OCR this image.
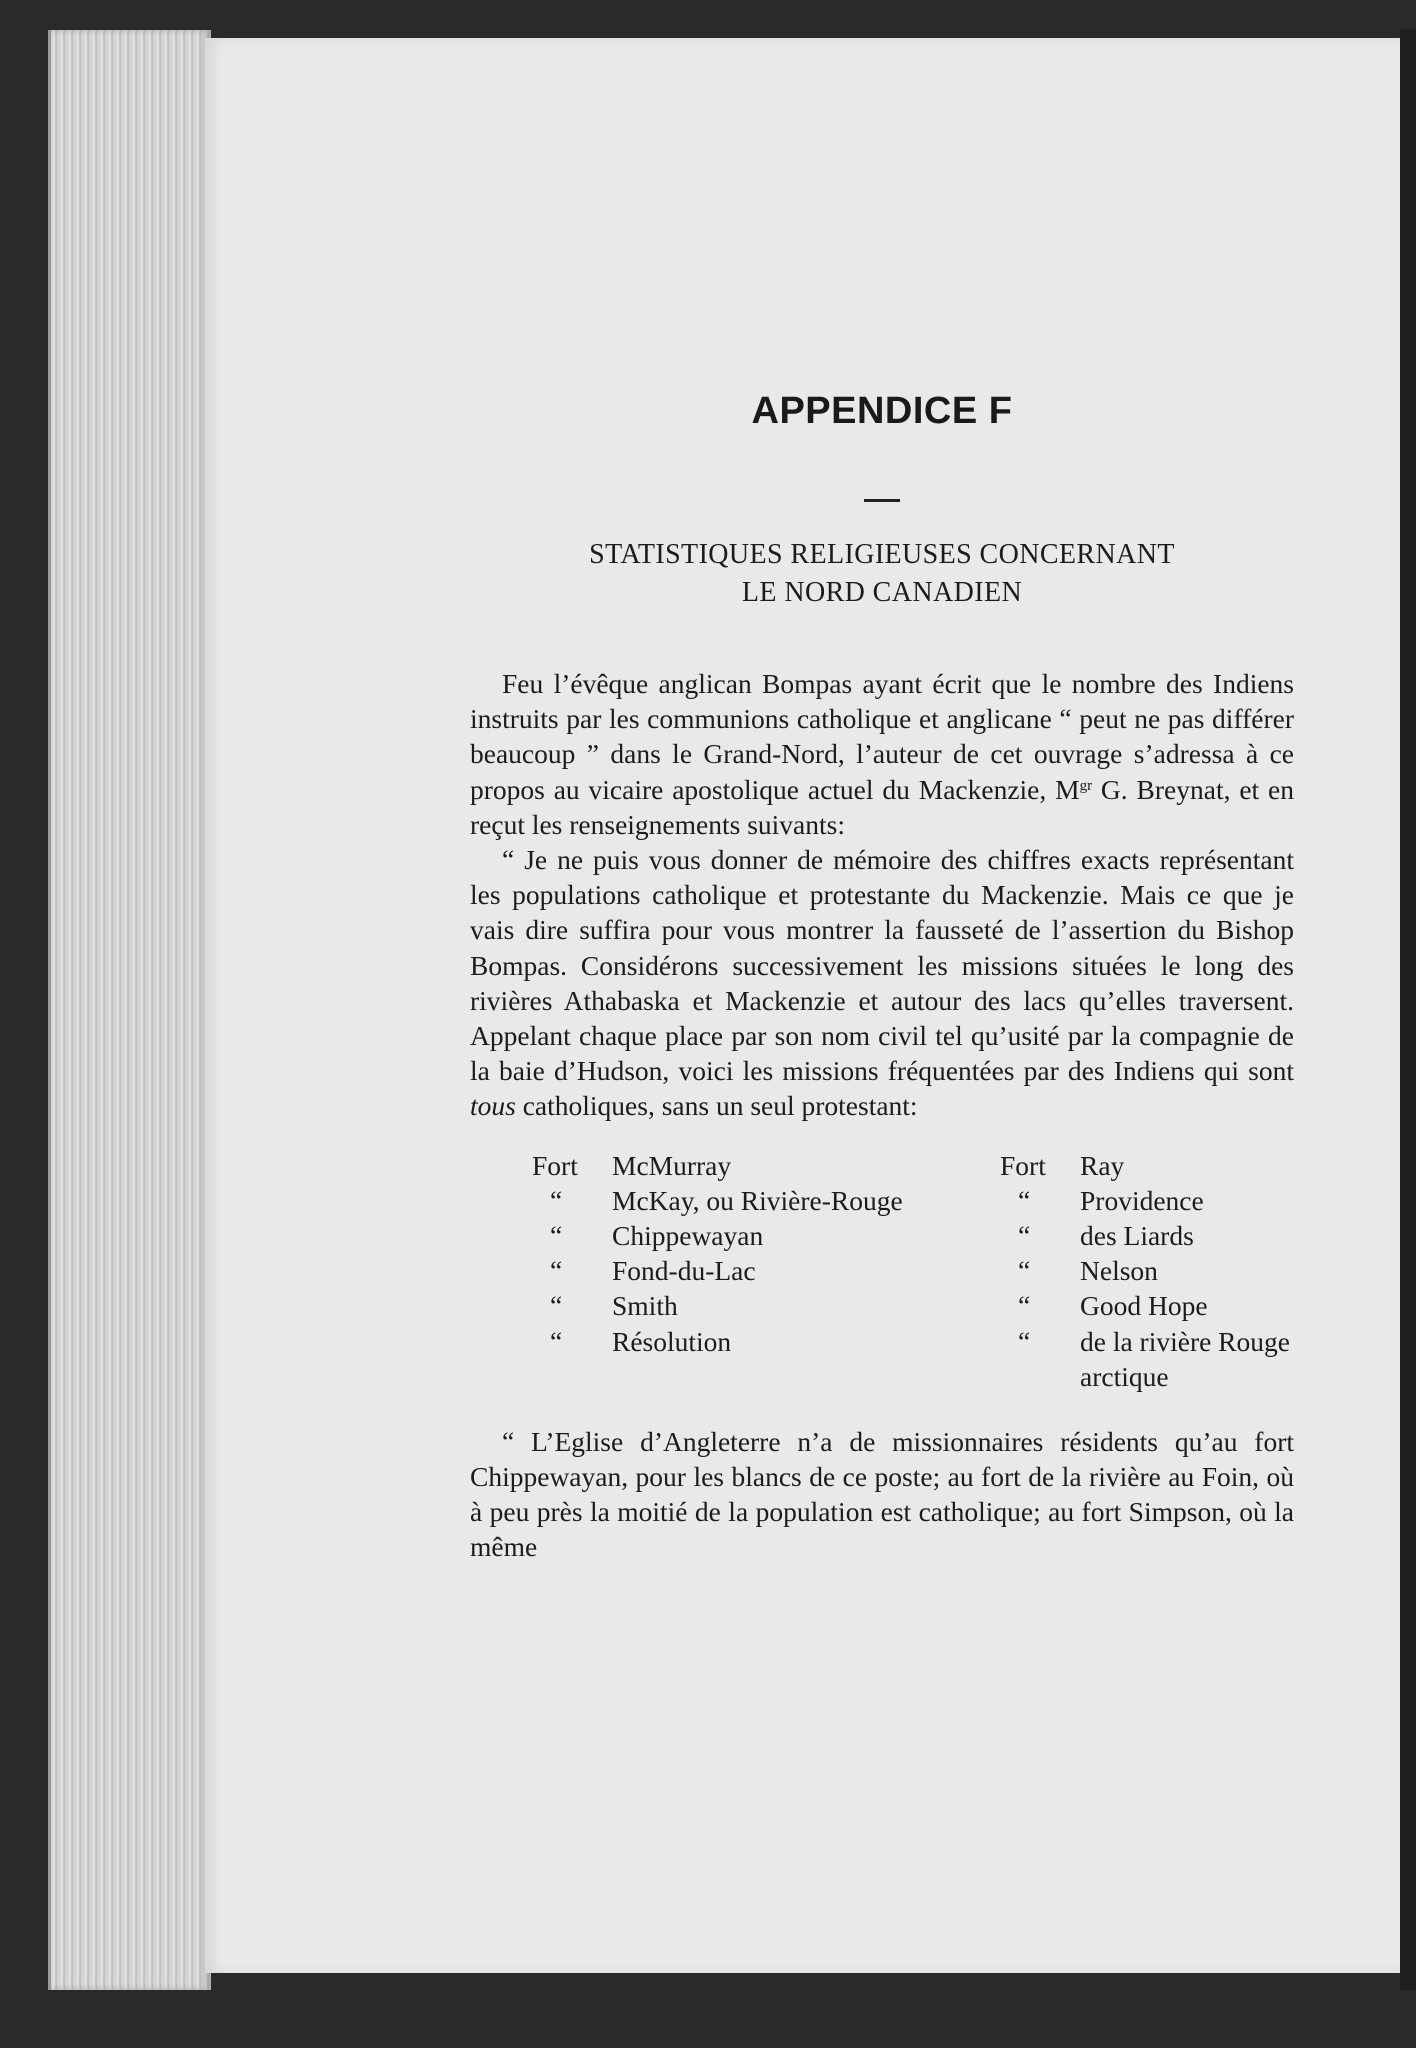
APPENDICE F
STATISTIQUES RELIGIEUSES CONCERNANT
LE NORD CANADIEN

Feu l’évêque anglican Bompas ayant écrit que le nombre des Indiens instruits par les communions catholique et anglicane “ peut ne pas différer beaucoup ” dans le Grand-Nord, l’auteur de cet ouvrage s’adressa à ce propos au vicaire apostolique actuel du Mackenzie, $M^{gr}$ G. Breynat, et en reçut les renseignements suivants:

“ Je ne puis vous donner de mémoire des chiffres exacts représentant les populations catholique et protestante du Mackenzie. Mais ce que je vais dire suffira pour vous montrer la fausseté de l’assertion du Bishop Bompas. Considérons successivement les missions situées le long des rivières Athabaska et Mackenzie et autour des lacs qu’elles traversent. Appelant chaque place par son nom civil tel qu’usité par la compagnie de la baie d’Hudson, voici les missions fréquentées par des Indiens qui sont tous catholiques, sans un seul protestant:

Fort	McMurray
“	McKay, ou Rivière-Rouge
“	Chippewayan
“	Fond-du-Lac
“	Smith
“	Résolution
Fort	Ray
“	Providence
“	des Liards
“	Nelson
“	Good Hope
“	de la rivière Rouge arctique

“ L’Eglise d’Angleterre n’a de missionnaires résidents qu’au fort Chippewayan, pour les blancs de ce poste; au fort de la rivière au Foin, où à peu près la moitié de la population est catholique; au fort Simpson, où la même
